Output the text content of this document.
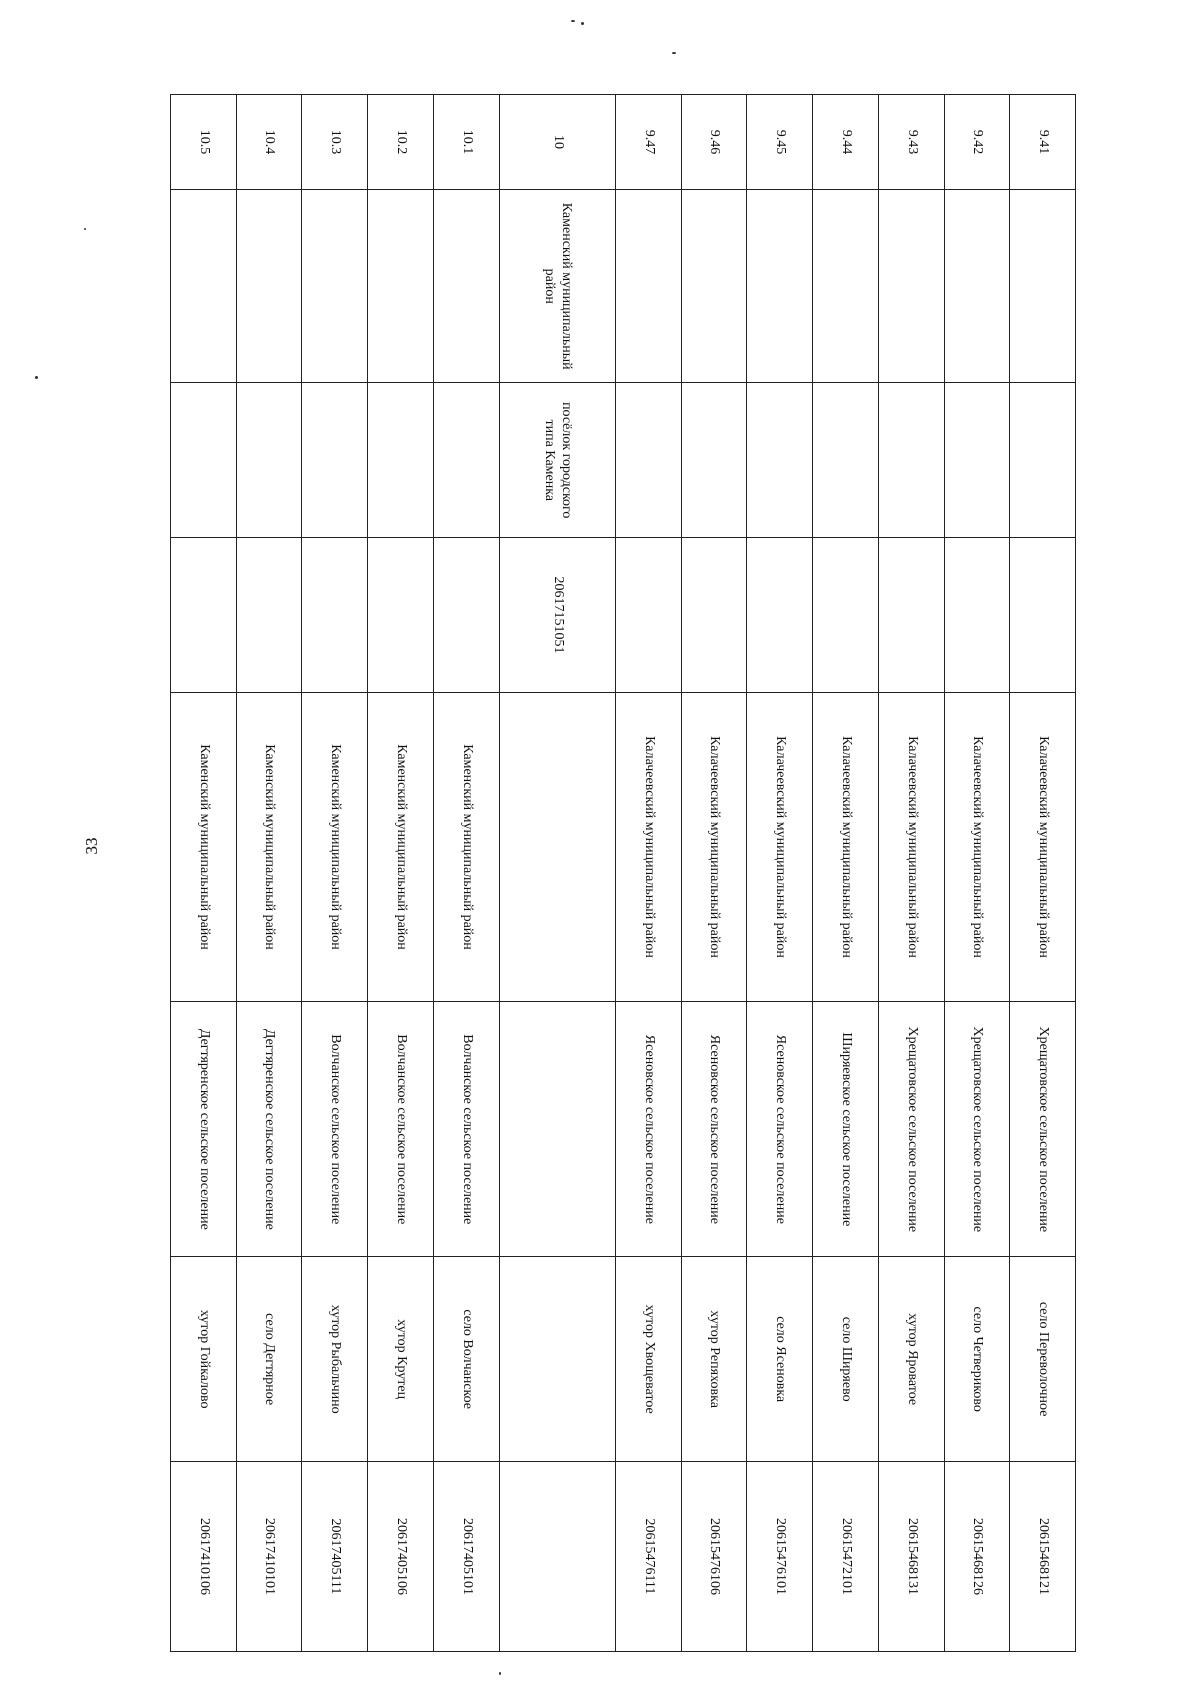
33
9.41				Калачеевский муниципальный район	Хрещатовское сельское поселение	село Переволочное	20615468121
9.42				Калачеевский муниципальный район	Хрещатовское сельское поселение	село Четвериково	20615468126
9.43				Калачеевский муниципальный район	Хрещатовское сельское поселение	хутор Яроватое	20615468131
9.44				Калачеевский муниципальный район	Ширяевское сельское поселение	село Ширяево	20615472101
9.45				Калачеевский муниципальный район	Ясеновское сельское поселение	село Ясеновка	20615476101
9.46				Калачеевский муниципальный район	Ясеновское сельское поселение	хутор Репяховка	20615476106
9.47				Калачеевский муниципальный район	Ясеновское сельское поселение	хутор Хвощеватое	20615476111
10	Каменский муниципальный район	посёлок городского типа Каменка	20617151051				
10.1				Каменский муниципальный район	Волчанское сельское поселение	село Волчанское	20617405101
10.2				Каменский муниципальный район	Волчанское сельское поселение	хутор Крутец	20617405106
10.3				Каменский муниципальный район	Волчанское сельское поселение	хутор Рыбальчино	20617405111
10.4				Каменский муниципальный район	Дегтяренское сельское поселение	село Дегтярное	20617410101
10.5				Каменский муниципальный район	Дегтяренское сельское поселение	хутор Гойкалово	20617410106
